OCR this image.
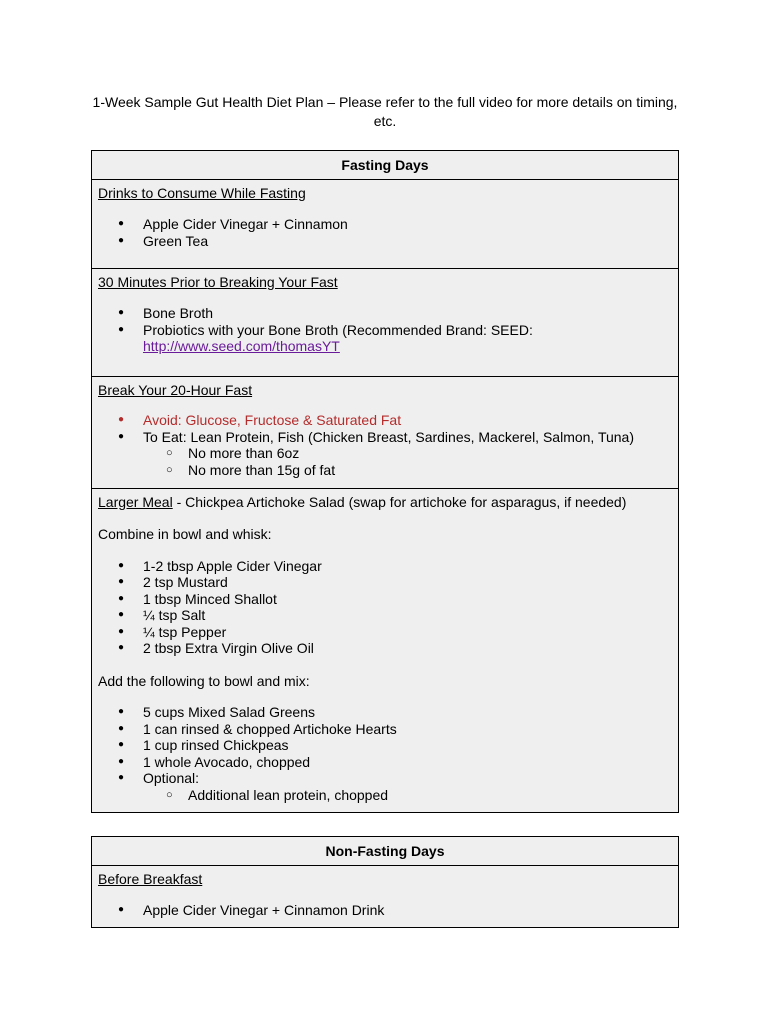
1-Week Sample Gut Health Diet Plan – Please refer to the full video for more details on timing,
etc.
Fasting Days

Drinks to Consume While Fasting

● Apple Cider Vinegar + Cinnamon
● Green Tea

30 Minutes Prior to Breaking Your Fast

● Bone Broth
● Probiotics with your Bone Broth (Recommended Brand: SEED:
http://www.seed.com/thomasYT

Break Your 20-Hour Fast

● Avoid: Glucose, Fructose & Saturated Fat
● To Eat: Lean Protein, Fish (Chicken Breast, Sardines, Mackerel, Salmon, Tuna)
○ No more than 6oz
○ No more than 15g of fat

Larger Meal - Chickpea Artichoke Salad (swap for artichoke for asparagus, if needed)

Combine in bowl and whisk:

● 1-2 tbsp Apple Cider Vinegar
● 2 tsp Mustard
● 1 tbsp Minced Shallot
● ¼ tsp Salt
● ¼ tsp Pepper
● 2 tbsp Extra Virgin Olive Oil

Add the following to bowl and mix:

● 5 cups Mixed Salad Greens
● 1 can rinsed & chopped Artichoke Hearts
● 1 cup rinsed Chickpeas
● 1 whole Avocado, chopped
● Optional:
○ Additional lean protein, chopped
Non-Fasting Days

Before Breakfast

● Apple Cider Vinegar + Cinnamon Drink
